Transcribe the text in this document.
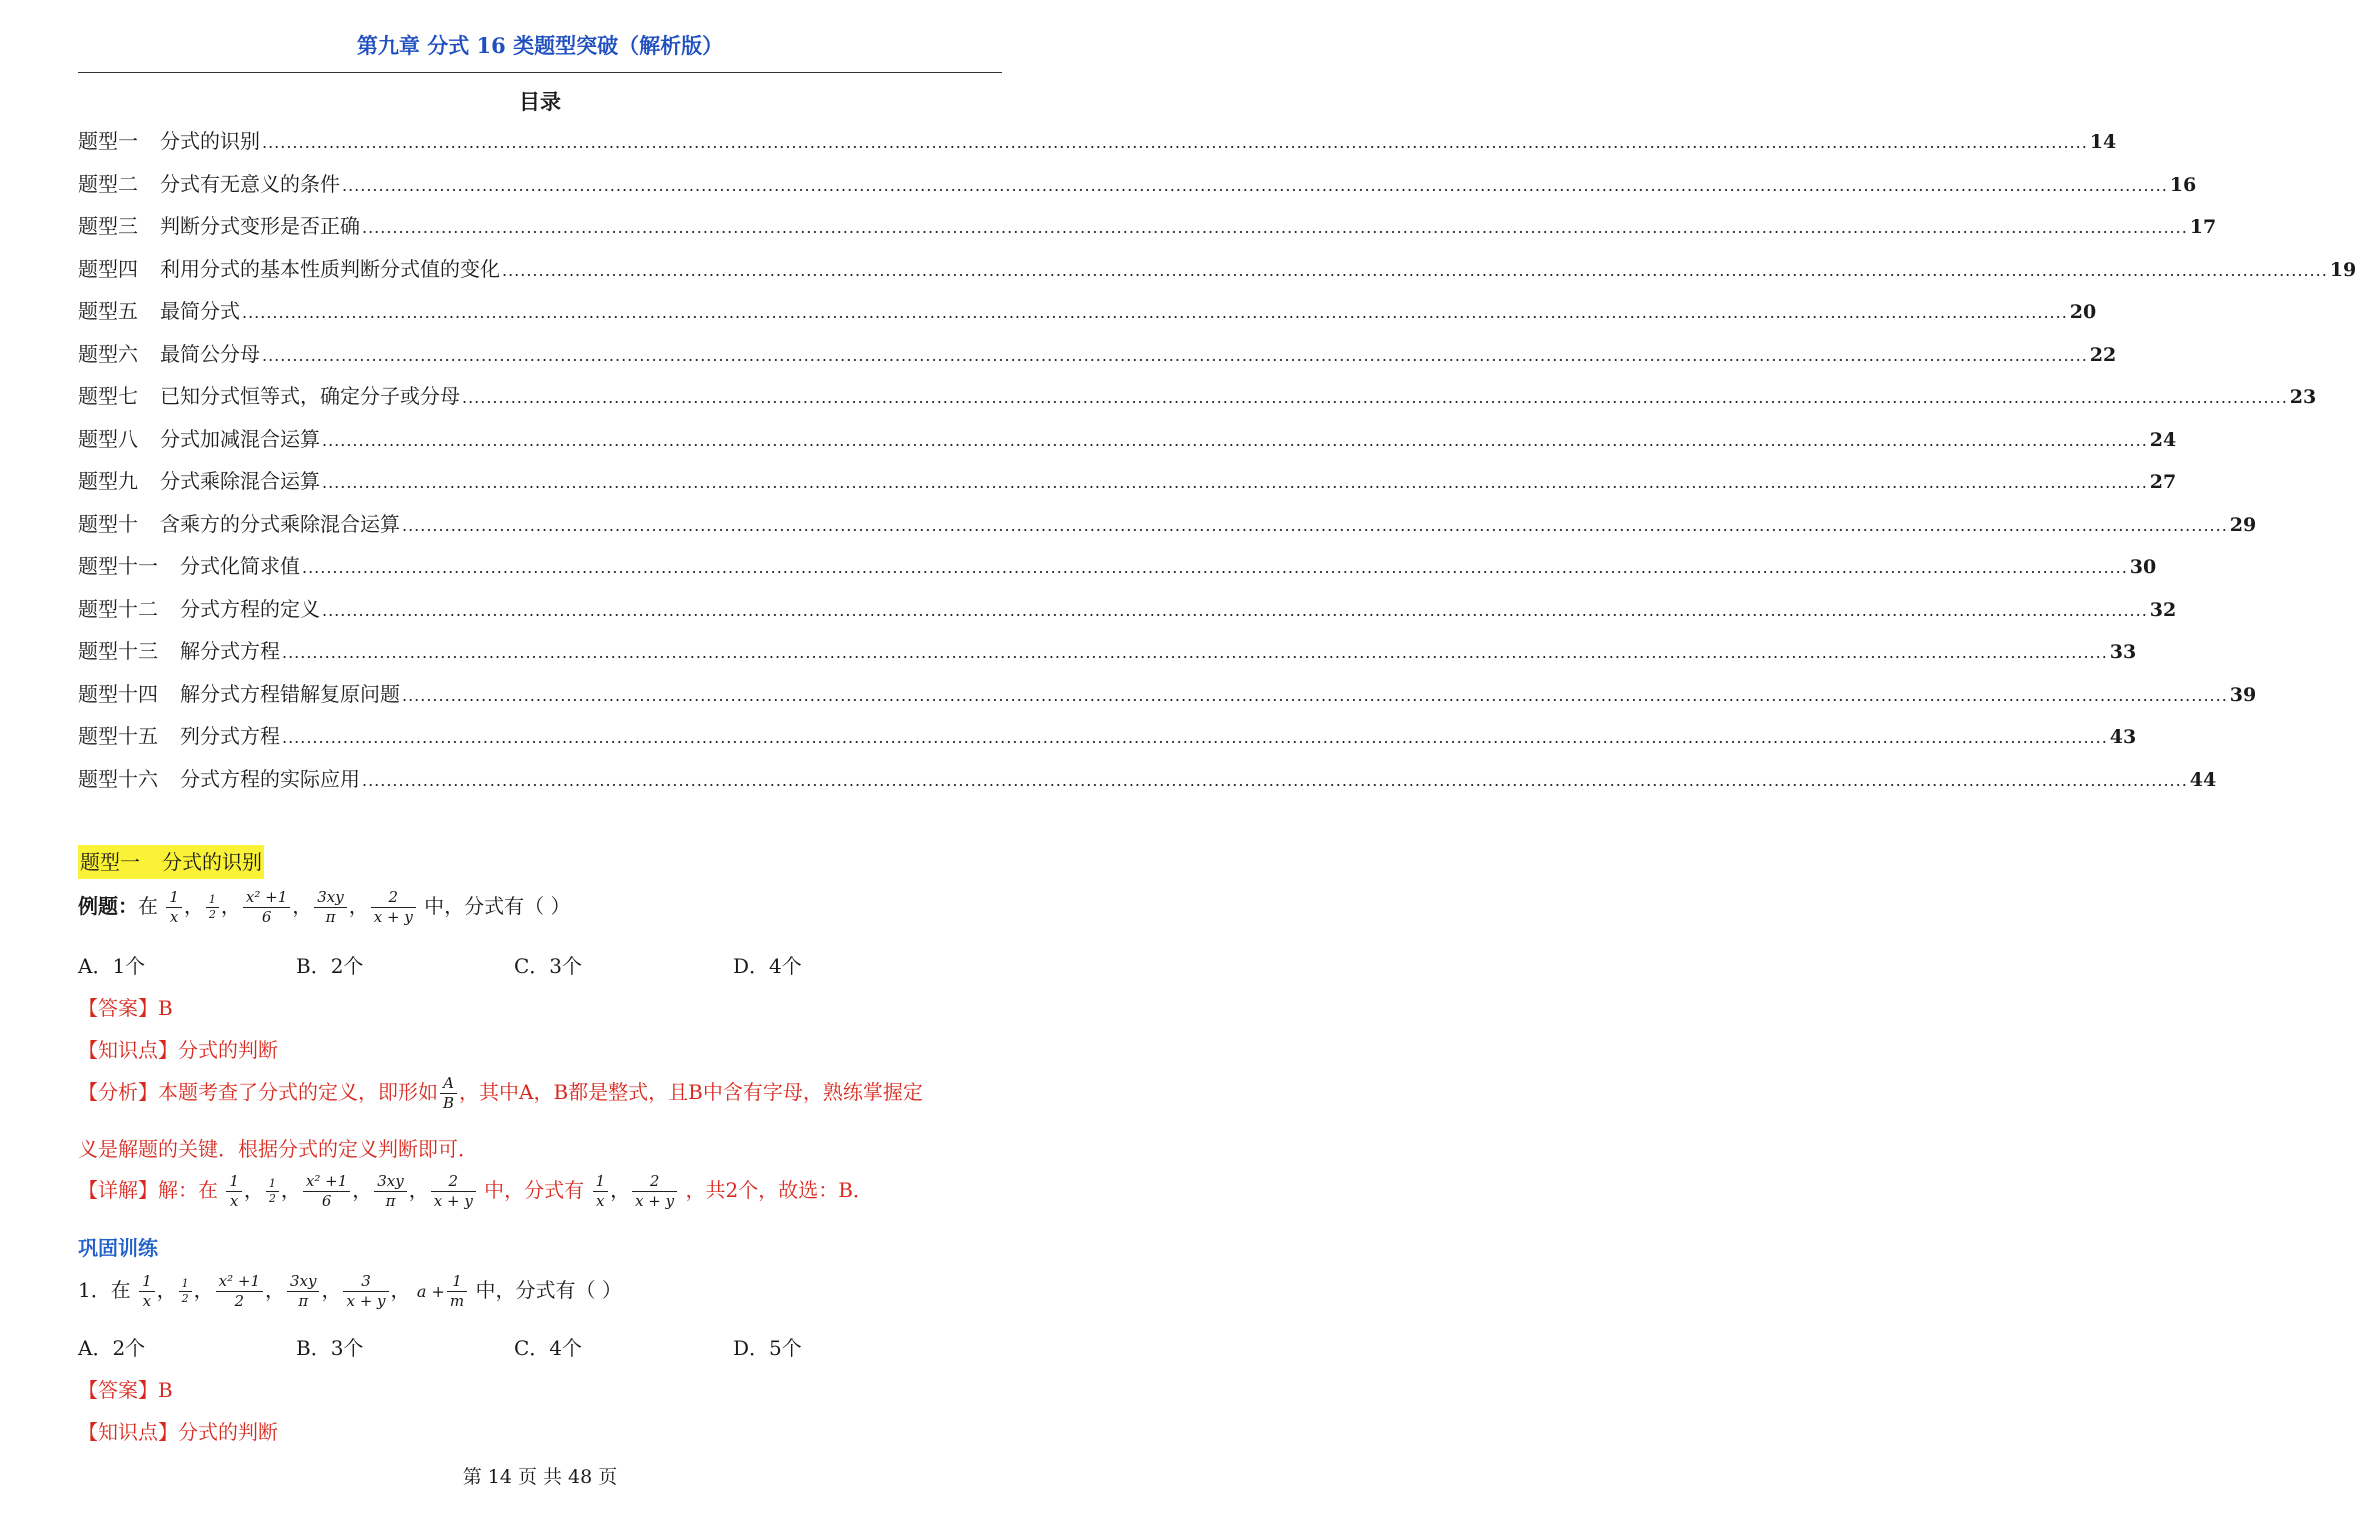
第九章 分式 16 类题型突破（解析版）
目录
题型一 分式的识别 ............................................................................................................................................................................................................................................................................................................ 14
题型二 分式有无意义的条件 ............................................................................................................................................................................................................................................................................................................ 16
题型三 判断分式变形是否正确 ............................................................................................................................................................................................................................................................................................................ 17
题型四 利用分式的基本性质判断分式值的变化 ............................................................................................................................................................................................................................................................................................................ 19
题型五 最简分式 ............................................................................................................................................................................................................................................................................................................ 20
题型六 最简公分母 ............................................................................................................................................................................................................................................................................................................ 22
题型七 已知分式恒等式，确定分子或分母 ............................................................................................................................................................................................................................................................................................................ 23
题型八 分式加减混合运算 ............................................................................................................................................................................................................................................................................................................ 24
题型九 分式乘除混合运算 ............................................................................................................................................................................................................................................................................................................ 27
题型十 含乘方的分式乘除混合运算 ............................................................................................................................................................................................................................................................................................................ 29
题型十一 分式化简求值 ............................................................................................................................................................................................................................................................................................................ 30
题型十二 分式方程的定义 ............................................................................................................................................................................................................................................................................................................ 32
题型十三 解分式方程 ............................................................................................................................................................................................................................................................................................................ 33
题型十四 解分式方程错解复原问题 ............................................................................................................................................................................................................................................................................................................ 39
题型十五 列分式方程 ............................................................................................................................................................................................................................................................................................................ 43
题型十六 分式方程的实际应用 ............................................................................................................................................................................................................................................................................................................ 44
题型一 分式的识别
例题：在 $\frac{1}{x}$ ， $\frac{1}{2}$ ， $\frac{\text{x² +1}}{6}$ ， $\frac{3xy}{\pi}$ ， $\frac{2}{x + y}$ 中，分式有（ ）
A．1个	B．2个	C．3个	D．4个
【答案】B
【知识点】分式的判断
【分析】本题考查了分式的定义，即形如 $\frac{A}{B}$ ，其中A，B都是整式，且B中含有字母，熟练掌握定
义是解题的关键．根据分式的定义判断即可．
【详解】解：在 $\frac{1}{x}$ ， $\frac{1}{2}$ ， $\frac{\text{x² +1}}{6}$ ， $\frac{3xy}{\pi}$ ， $\frac{2}{x + y}$ 中，分式有 $\frac{1}{x}$ ， $\frac{2}{x + y}$ ，共2个，故选：B．
巩固训练
1．在 $\frac{1}{x}$ ， $\frac{1}{2}$ ， $\frac{\text{x² +1}}{2}$ ， $\frac{3xy}{\pi}$ ， $\frac{3}{x + y}$ ， $a + \frac{1}{m}$ 中，分式有（ ）
A．2个	B．3个	C．4个	D．5个
【答案】B
【知识点】分式的判断
第 14 页 共 48 页
